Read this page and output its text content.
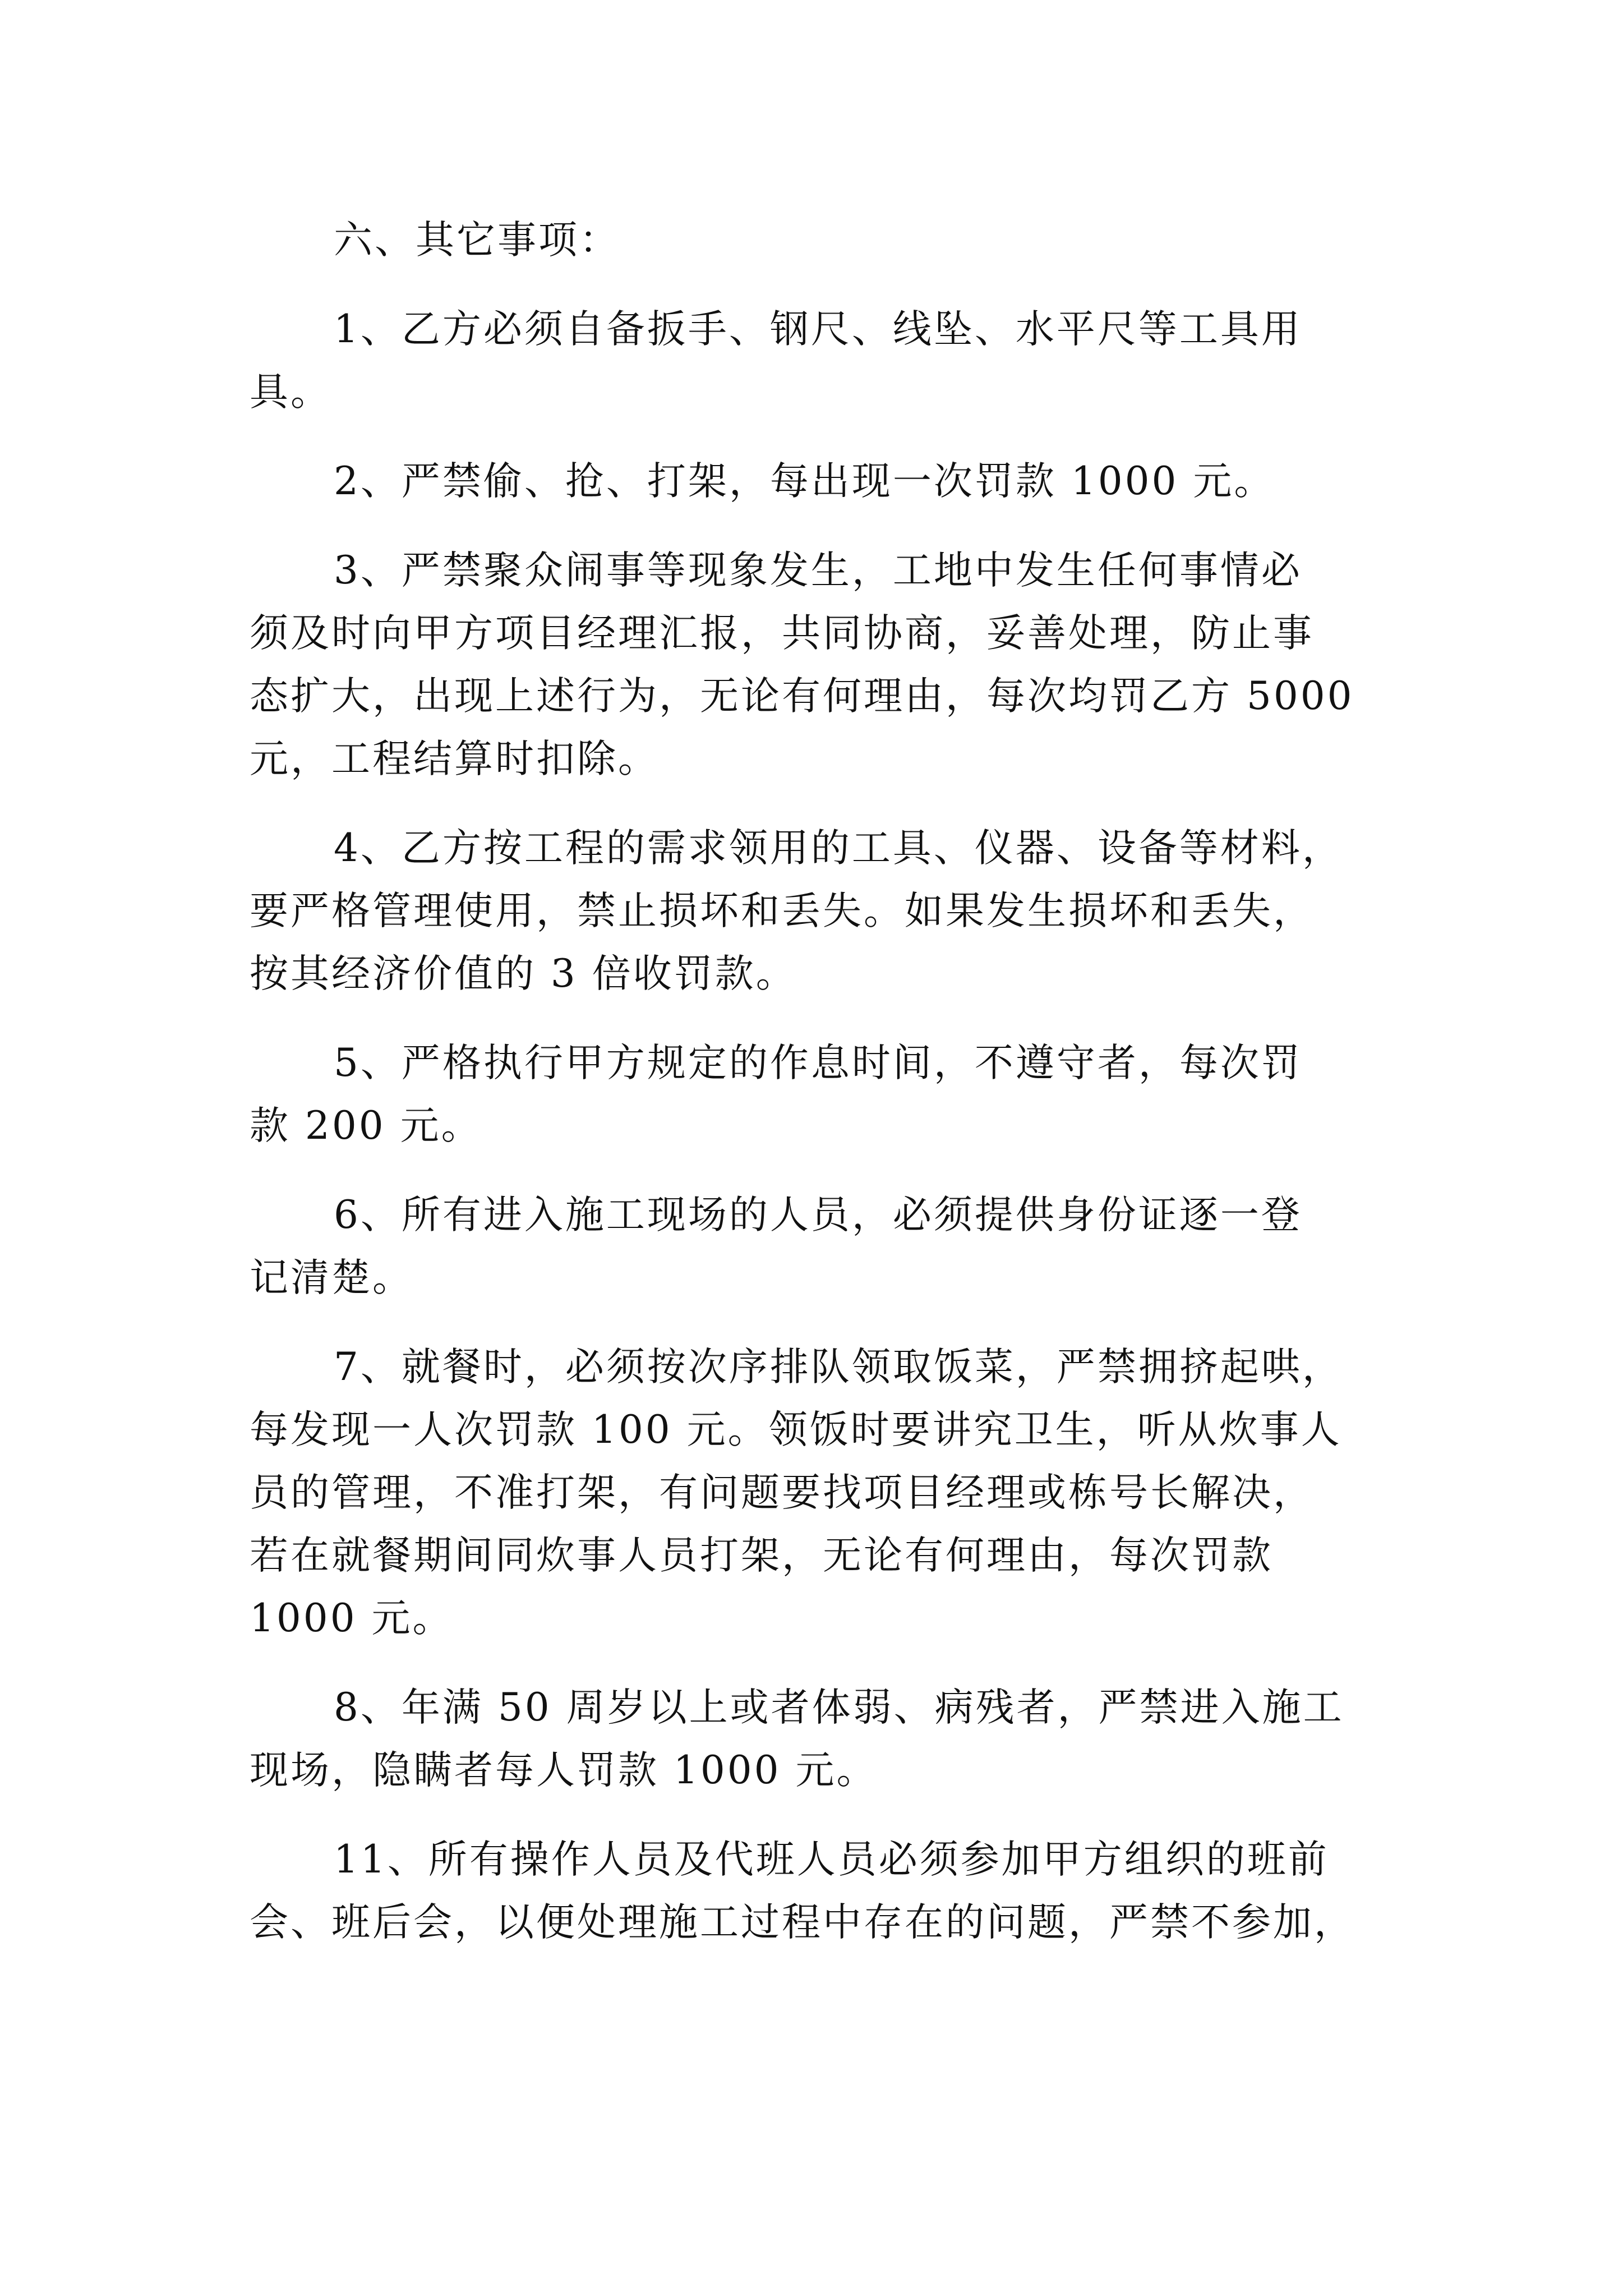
六、其它事项：
1、乙方必须自备扳手、钢尺、线坠、水平尺等工具用
具。
2、严禁偷、抢、打架，每出现一次罚款 1000 元。
3、严禁聚众闹事等现象发生，工地中发生任何事情必
须及时向甲方项目经理汇报，共同协商，妥善处理，防止事
态扩大，出现上述行为，无论有何理由，每次均罚乙方 5000
元，工程结算时扣除。
4、乙方按工程的需求领用的工具、仪器、设备等材料，
要严格管理使用，禁止损坏和丢失。如果发生损坏和丢失，
按其经济价值的 3 倍收罚款。
5、严格执行甲方规定的作息时间，不遵守者，每次罚
款 200 元。
6、所有进入施工现场的人员，必须提供身份证逐一登
记清楚。
7、就餐时，必须按次序排队领取饭菜，严禁拥挤起哄，
每发现一人次罚款 100 元。领饭时要讲究卫生，听从炊事人
员的管理，不准打架，有问题要找项目经理或栋号长解决，
若在就餐期间同炊事人员打架，无论有何理由，每次罚款
1000 元。
8、年满 50 周岁以上或者体弱、病残者，严禁进入施工
现场，隐瞒者每人罚款 1000 元。
11、所有操作人员及代班人员必须参加甲方组织的班前
会、班后会，以便处理施工过程中存在的问题，严禁不参加，
